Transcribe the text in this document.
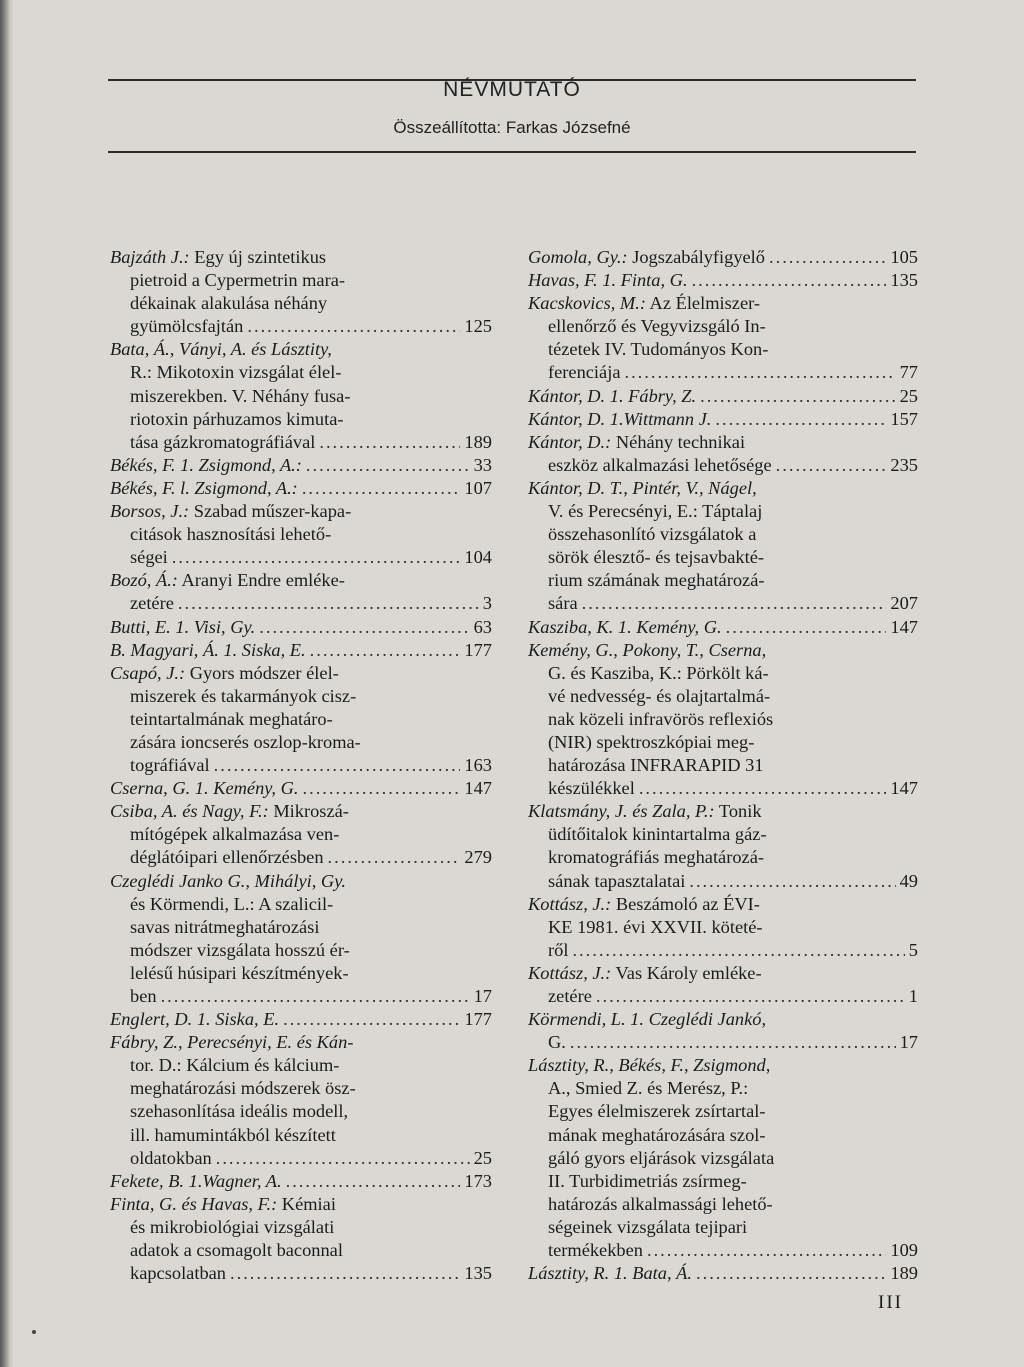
NÉVMUTATÓ
Összeállította: Farkas Józsefné
Bajzáth J.: Egy új szintetikus
pietroid a Cypermetrin mara-
dékainak alakulása néhány
gyümölcsfajtán .....	125
Bata, Á., Ványi, A. és Lásztity,
R.: Mikotoxin vizsgálat élel-
miszerekben. V. Néhány fusa-
riotoxin párhuzamos kimuta-
tása gázkromatográfiával .....	189
Békés, F. 1. Zsigmond, A.: .....	33
Békés, F. l. Zsigmond, A.: .....	107
Borsos, J.: Szabad műszer-kapa-
citások hasznosítási lehető-
ségei .....	104
Bozó, Á.: Aranyi Endre emléke-
zetére .....	3
Butti, E. 1. Visi, Gy. .....	63
B. Magyari, Á. 1. Siska, E. .....	177
Csapó, J.: Gyors módszer élel-
miszerek és takarmányok cisz-
teintartalmának meghatáro-
zására ioncserés oszlop-kroma-
tográfiával .....	163
Cserna, G. 1. Kemény, G. .....	147
Csiba, A. és Nagy, F.: Mikroszá-
mítógépek alkalmazása ven-
déglátóipari ellenőrzésben .....	279
Czeglédi Janko G., Mihályi, Gy.
és Körmendi, L.: A szalicil-
savas nitrátmeghatározási
módszer vizsgálata hosszú ér-
lelésű húsipari készítmények-
ben .....	17
Englert, D. 1. Siska, E. .....	177
Fábry, Z., Perecsényi, E. és Kán-
tor. D.: Kálcium és kálcium-
meghatározási módszerek ösz-
szehasonlítása ideális modell,
ill. hamumintákból készített
oldatokban .....	25
Fekete, B. 1.Wagner, A. .....	173
Finta, G. és Havas, F.: Kémiai
és mikrobiológiai vizsgálati
adatok a csomagolt baconnal
kapcsolatban .....	135
Gomola, Gy.: Jogszabályfigyelő .....	105
Havas, F. 1. Finta, G. .....	135
Kacskovics, M.: Az Élelmiszer-
ellenőrző és Vegyvizsgáló In-
tézetek IV. Tudományos Kon-
ferenciája .....	77
Kántor, D. 1. Fábry, Z. .....	25
Kántor, D. 1.Wittmann J. .....	157
Kántor, D.: Néhány technikai
eszköz alkalmazási lehetősége .....	235
Kántor, D. T., Pintér, V., Nágel,
V. és Perecsényi, E.: Táptalaj
összehasonlító vizsgálatok a
sörök élesztő- és tejsavbakté-
rium számának meghatározá-
sára .....	207
Kasziba, K. 1. Kemény, G. .....	147
Kemény, G., Pokony, T., Cserna,
G. és Kasziba, K.: Pörkölt ká-
vé nedvesség- és olajtartalmá-
nak közeli infravörös reflexiós
(NIR) spektroszkópiai meg-
határozása INFRARAPID 31
készülékkel .....	147
Klatsmány, J. és Zala, P.: Tonik
üdítőitalok kinintartalma gáz-
kromatográfiás meghatározá-
sának tapasztalatai .....	49
Kottász, J.: Beszámoló az ÉVI-
KE 1981. évi XXVII. köteté-
ről .....	5
Kottász, J.: Vas Károly emléke-
zetére .....	1
Körmendi, L. 1. Czeglédi Jankó,
G. .....	17
Lásztity, R., Békés, F., Zsigmond,
A., Smied Z. és Merész, P.:
Egyes élelmiszerek zsírtartal-
mának meghatározására szol-
gáló gyors eljárások vizsgálata
II. Turbidimetriás zsírmeg-
határozás alkalmassági lehető-
ségeinek vizsgálata tejipari
termékekben .....	109
Lásztity, R. 1. Bata, Á. .....	189
III
